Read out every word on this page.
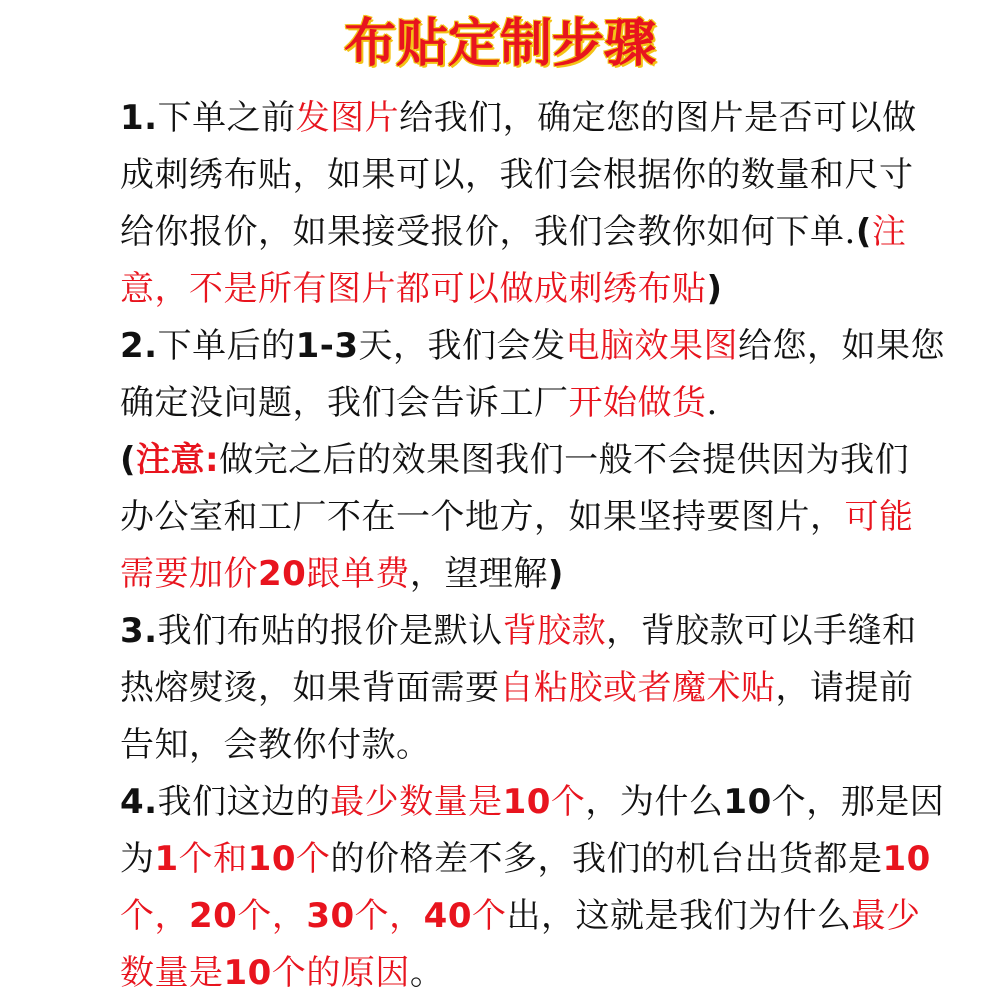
布贴定制步骤
1.下单之前发图片给我们，确定您的图片是否可以做
成刺绣布贴，如果可以，我们会根据你的数量和尺寸
给你报价，如果接受报价，我们会教你如何下单.(注
意，不是所有图片都可以做成刺绣布贴)
2.下单后的1-3天，我们会发电脑效果图给您，如果您
确定没问题，我们会告诉工厂开始做货.
(注意:做完之后的效果图我们一般不会提供因为我们
办公室和工厂不在一个地方，如果坚持要图片，可能
需要加价20跟单费，望理解)
3.我们布贴的报价是默认背胶款，背胶款可以手缝和
热熔熨烫，如果背面需要自粘胶或者魔术贴，请提前
告知，会教你付款。
4.我们这边的最少数量是10个，为什么10个，那是因
为1个和10个的价格差不多，我们的机台出货都是10
个，20个，30个，40个出，这就是我们为什么最少
数量是10个的原因。
